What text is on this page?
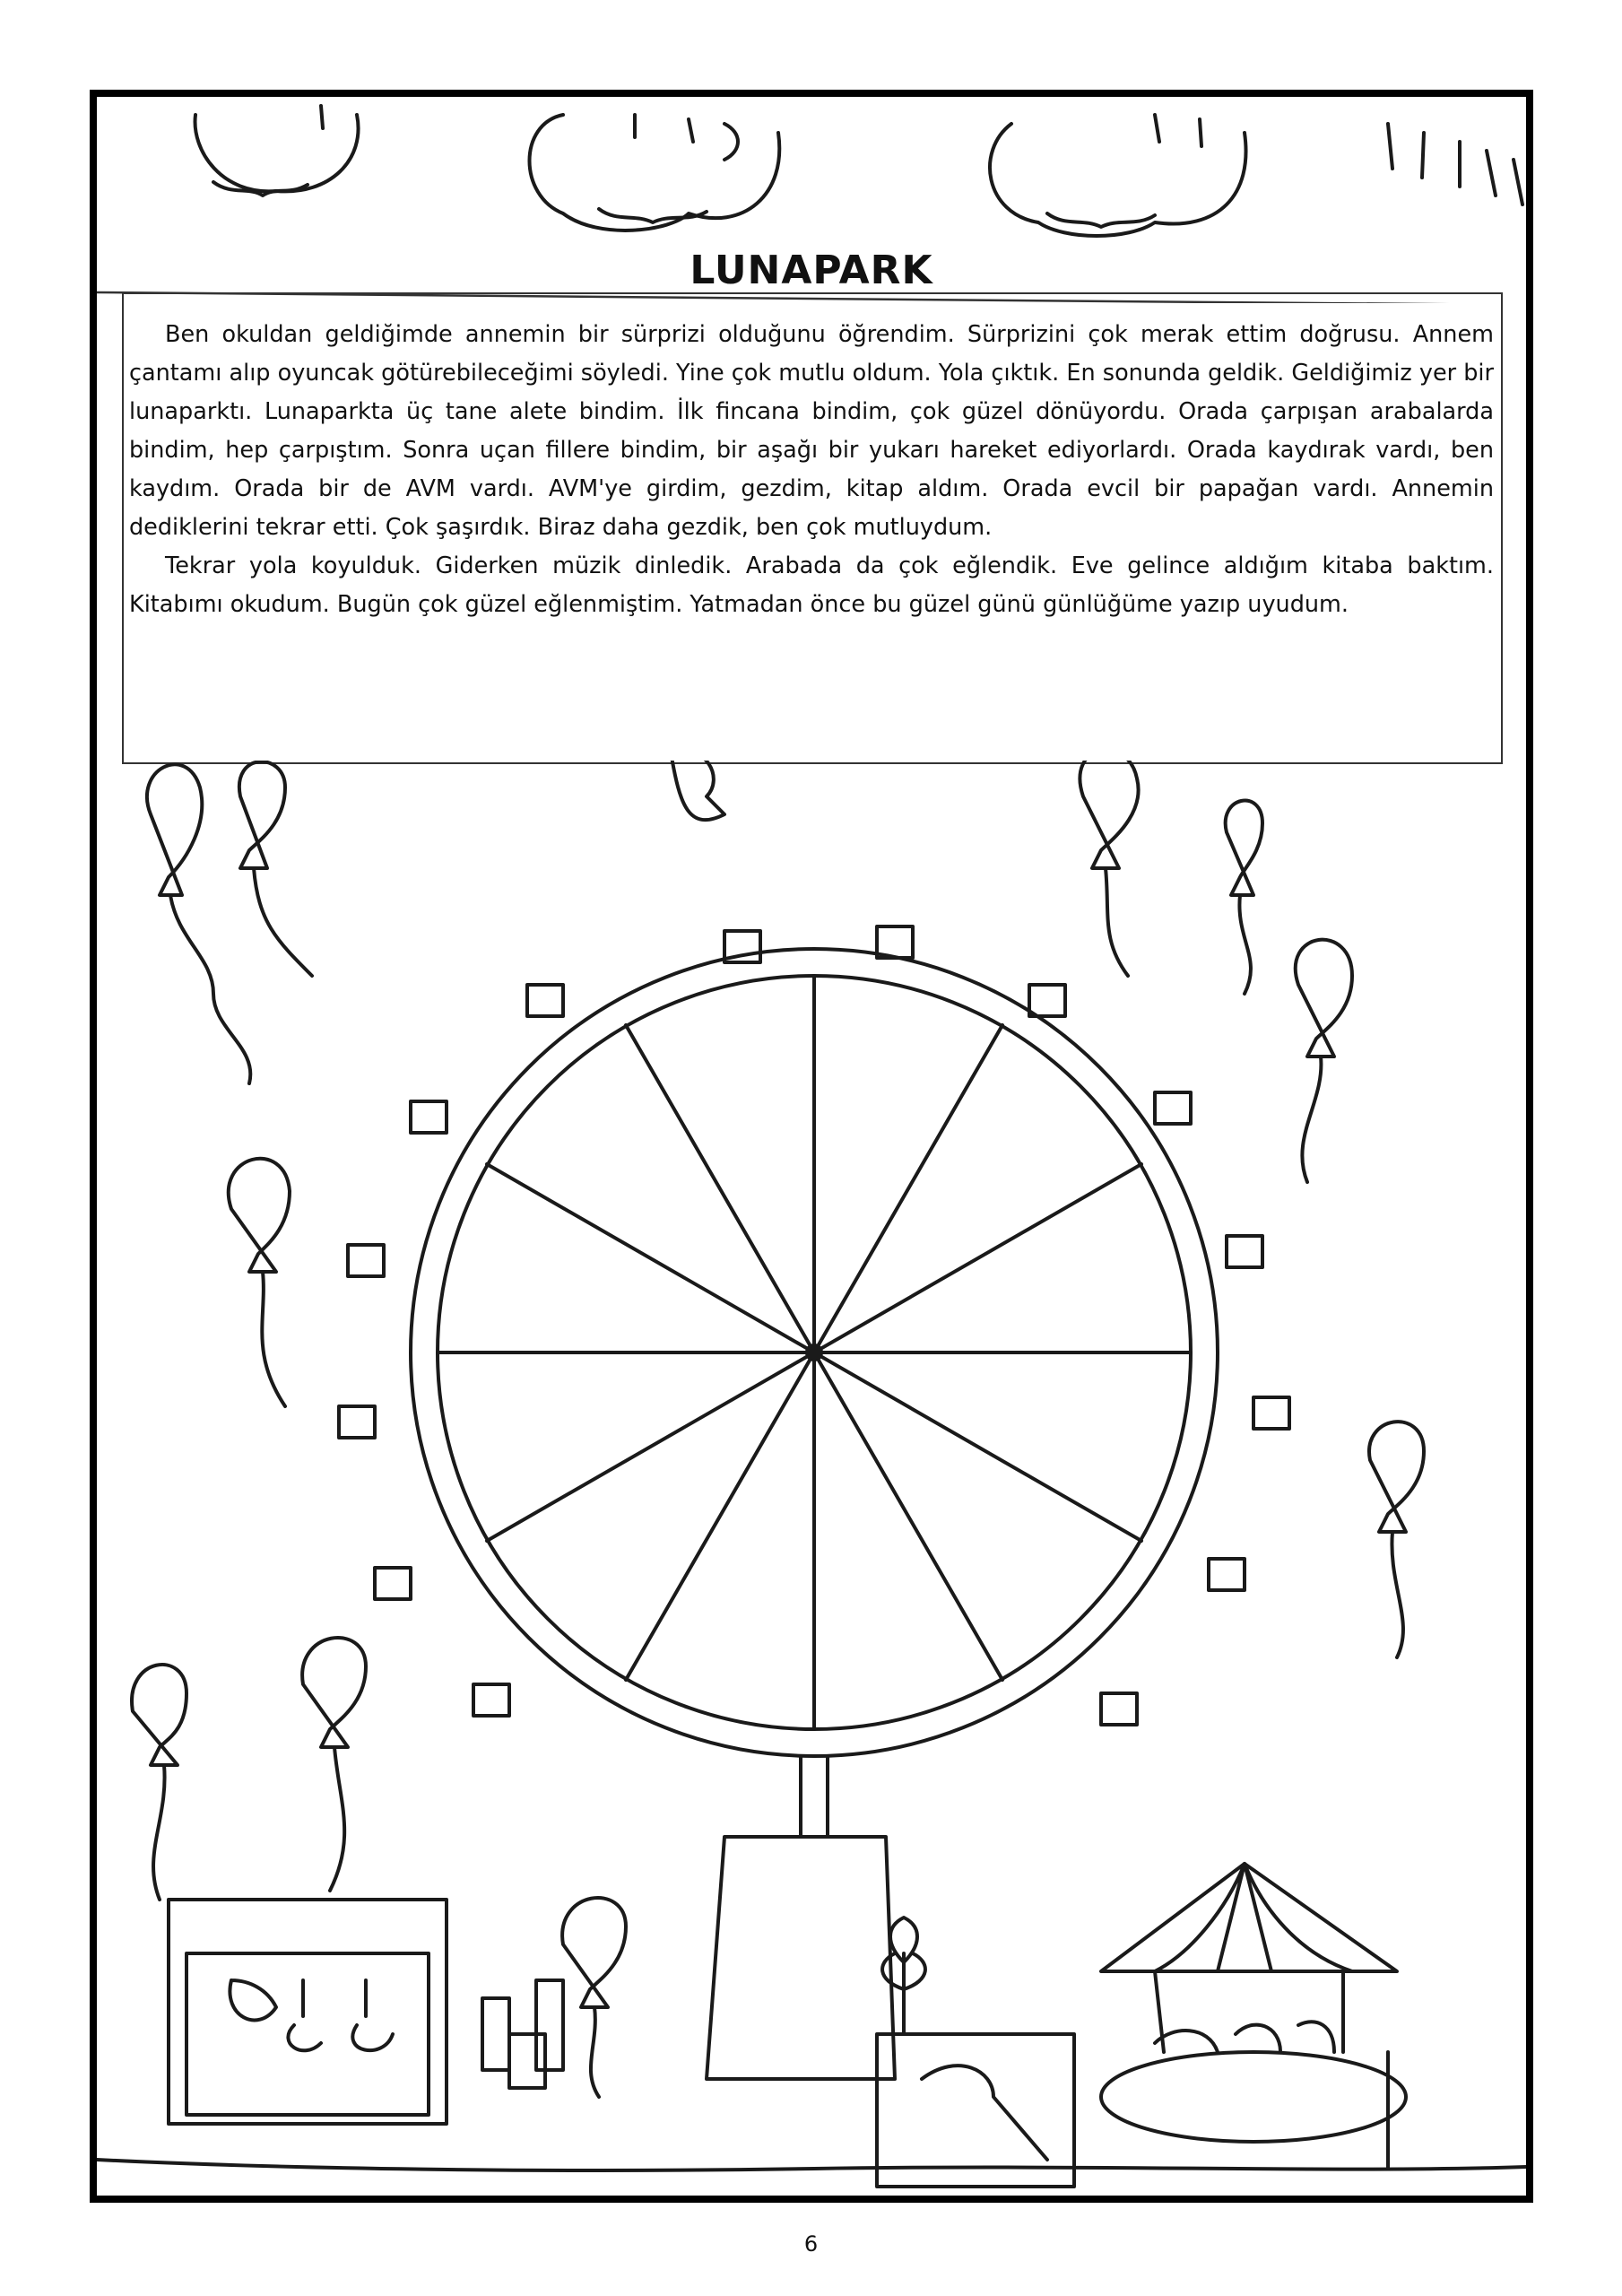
LUNAPARK

Ben okuldan geldiğimde annemin bir sürprizi olduğunu öğrendim. Sürprizini çok merak ettim doğrusu. Annem çantamı alıp oyuncak götürebileceğimi söyledi. Yine çok mutlu oldum. Yola çıktık. En sonunda geldik. Geldiğimiz yer bir lunaparktı. Lunaparkta üç tane alete bindim. İlk fincana bindim, çok güzel dönüyordu. Orada çarpışan arabalarda bindim, hep çarpıştım. Sonra uçan fillere bindim, bir aşağı bir yukarı hareket ediyorlardı. Orada kaydırak vardı, ben kaydım. Orada bir de AVM vardı. AVM'ye girdim, gezdim, kitap aldım. Orada evcil bir papağan vardı. Annemin dediklerini tekrar etti. Çok şaşırdık. Biraz daha gezdik, ben çok mutluydum.

Tekrar yola koyulduk. Giderken müzik dinledik. Arabada da çok eğlendik. Eve gelince aldığım kitaba baktım. Kitabımı okudum. Bugün çok güzel eğlenmiştim. Yatmadan önce bu güzel günü günlüğüme yazıp uyudum.

6
